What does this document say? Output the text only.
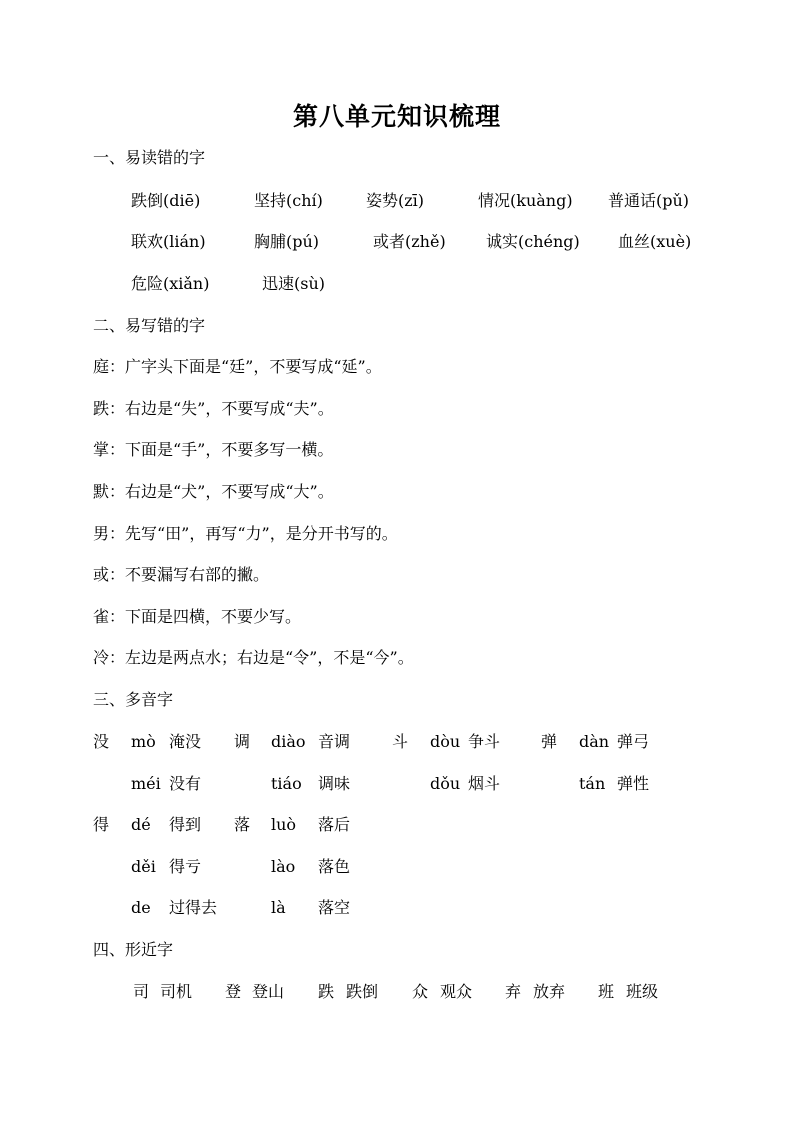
第八单元知识梳理
一、易读错的字
跌倒(diē)	坚持(chí)	姿势(zī)	情况(kuàng) 普通话(pǔ)
联欢(lián)	胸脯(pú)	或者(zhě)	诚实(chéng) 血丝(xuè)
危险(xiǎn)	迅速(sù)
二、易写错的字
庭：广字头下面是“廷”，不要写成“延”。
跌：右边是“失”，不要写成“夫”。
掌：下面是“手”，不要多写一横。
默：右边是“犬”，不要写成“大”。
男：先写“田”，再写“力”，是分开书写的。
或：不要漏写右部的撇。
雀：下面是四横，不要少写。
冷：左边是两点水；右边是“令”，不是“今”。
三、多音字
没 mò 淹没 调 diào 音调	斗 dòu 争斗	弹 dàn 弹弓
méi 没有	tiáo 调味	dǒu 烟斗	tán 弹性
得 dé 得到 落 luò 落后
děi 得亏	lào 落色
de 过得去	là 落空
四、形近字
司 司机 登 登山 跌 跌倒 众 观众 弃 放弃 班 班级
